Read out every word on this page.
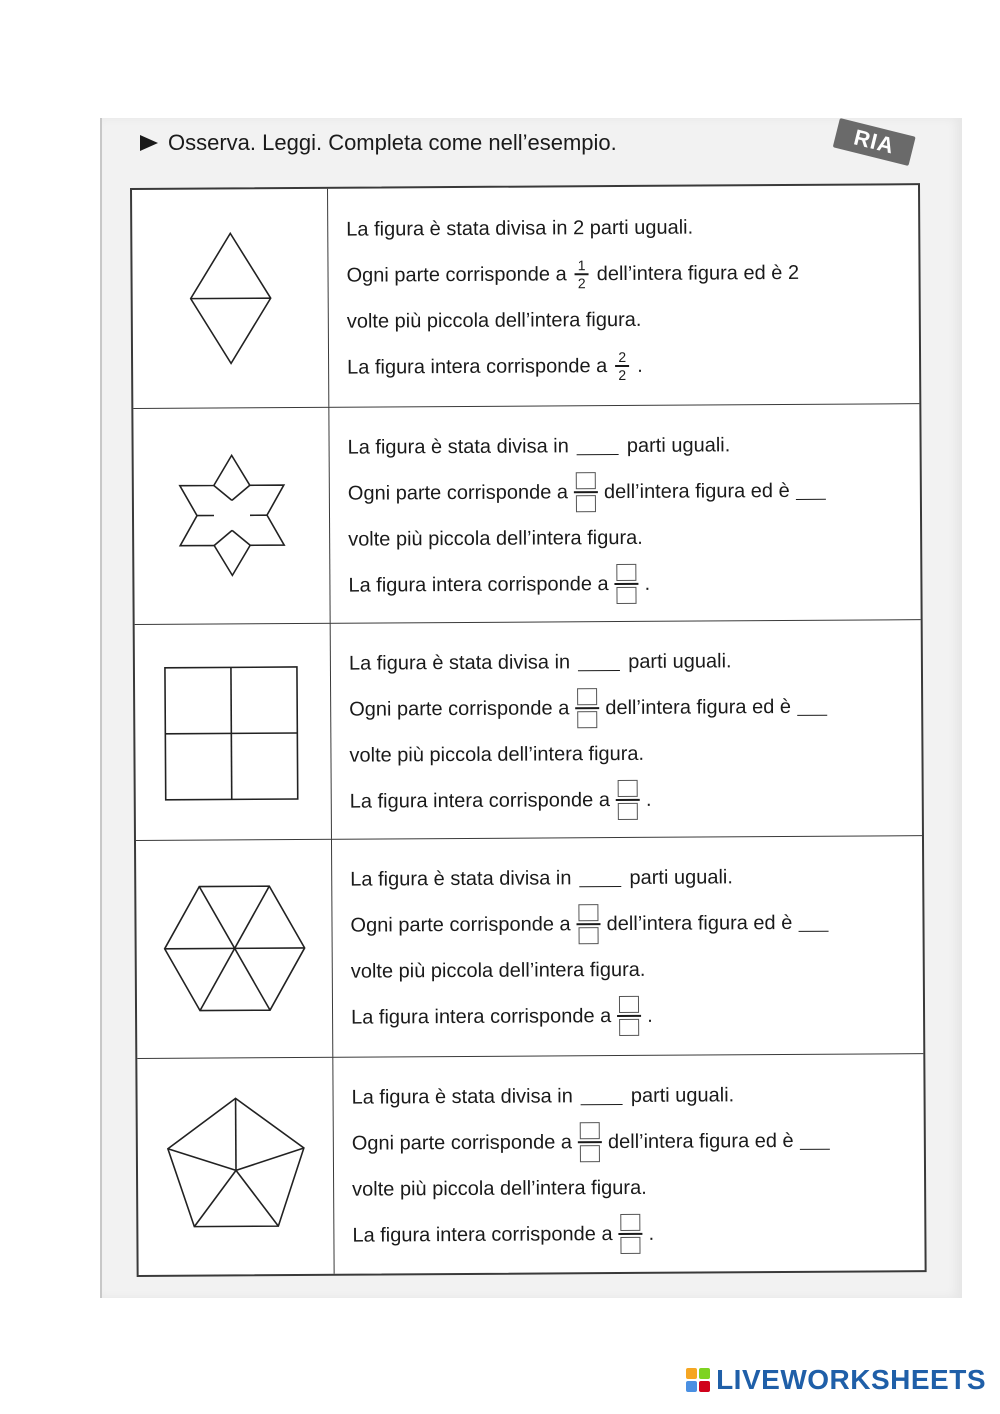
RIA
Osserva. Leggi. Completa come nell’esempio.
La figura è stata divisa in 2 parti uguali.
Ogni parte corrisponde a $\frac{1}{2}$ dell’intera figura ed è 2
volte più piccola dell’intera figura.
La figura intera corrisponde a $\frac{2}{2}$ .
La figura è stata divisa in	parti uguali.
Ogni parte corrisponde a dell’intera figura ed è
volte più piccola dell’intera figura.
La figura intera corrisponde a .
La figura è stata divisa in	parti uguali.
Ogni parte corrisponde a dell’intera figura ed è
volte più piccola dell’intera figura.
La figura intera corrisponde a .
La figura è stata divisa in	parti uguali.
Ogni parte corrisponde a dell’intera figura ed è
volte più piccola dell’intera figura.
La figura intera corrisponde a .
La figura è stata divisa in	parti uguali.
Ogni parte corrisponde a dell’intera figura ed è
volte più piccola dell’intera figura.
La figura intera corrisponde a .
LIVEWORKSHEETS
